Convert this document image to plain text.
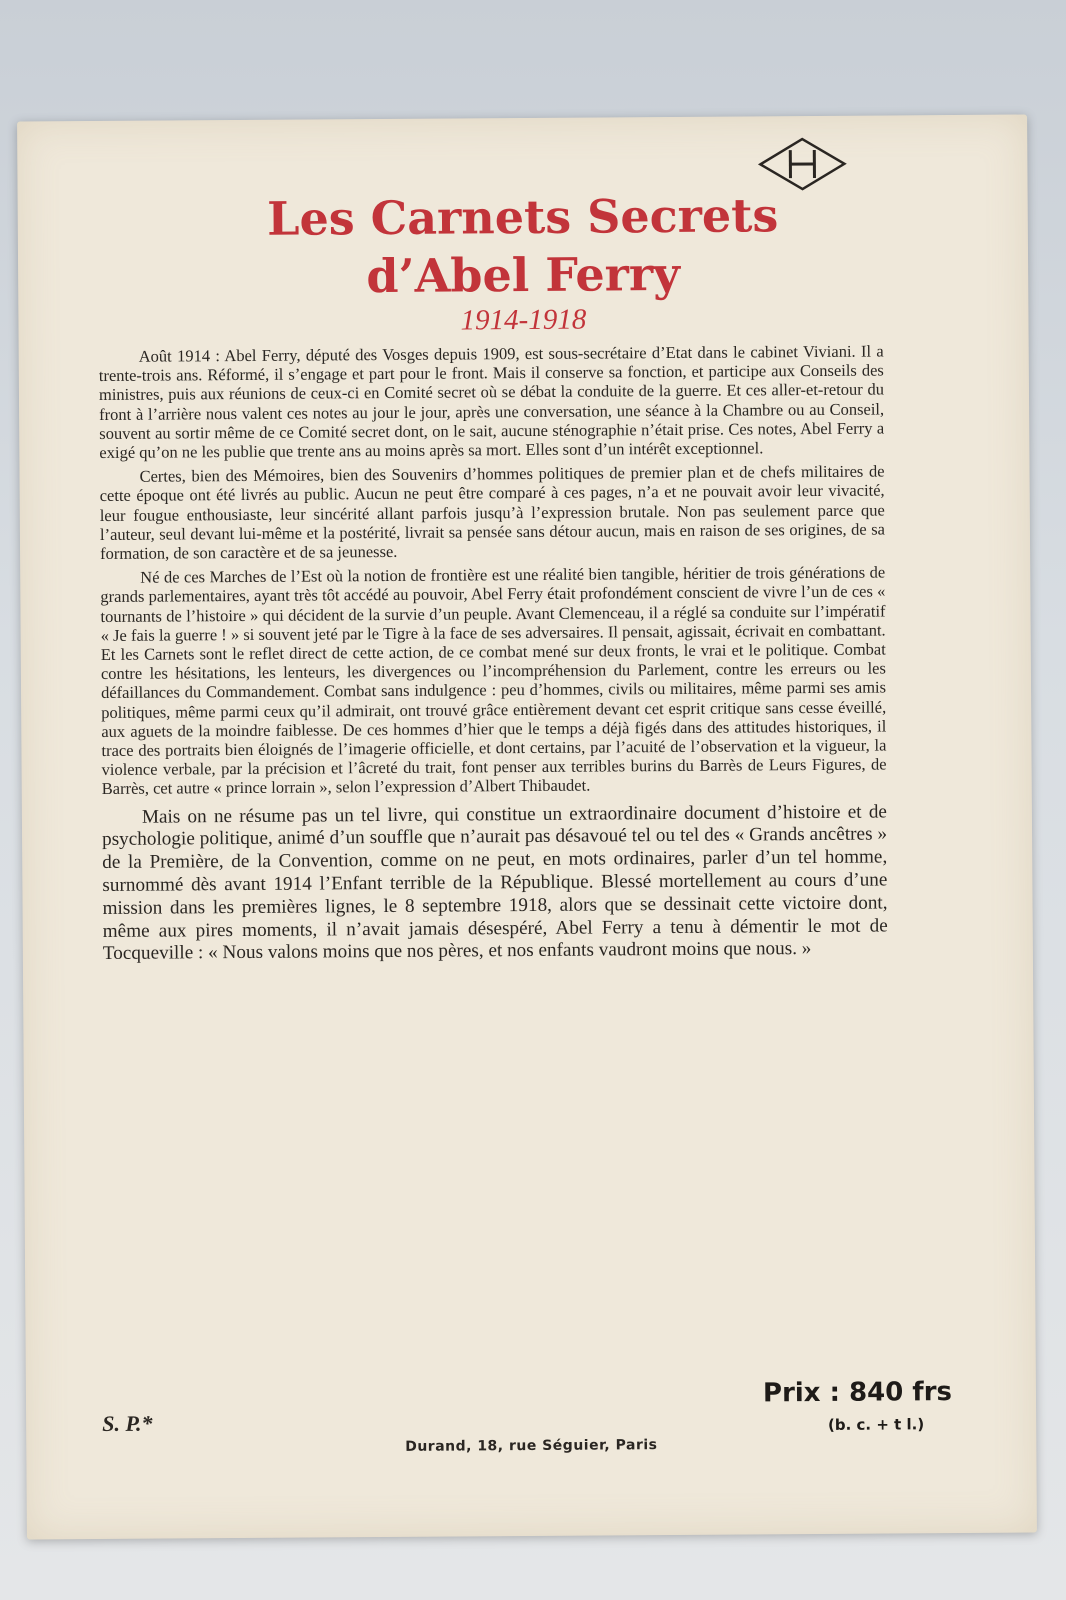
Les Carnets Secrets
d’Abel Ferry
1914-1918

Août 1914 : Abel Ferry, député des Vosges depuis 1909, est sous-secrétaire d’Etat dans le cabinet Viviani. Il a trente-trois ans. Réformé, il s’engage et part pour le front. Mais il conserve sa fonction, et participe aux Conseils des ministres, puis aux réunions de ceux-ci en Comité secret où se débat la conduite de la guerre. Et ces aller-et-retour du front à l’arrière nous valent ces notes au jour le jour, après une conversation, une séance à la Chambre ou au Conseil, souvent au sortir même de ce Comité secret dont, on le sait, aucune sténographie n’était prise. Ces notes, Abel Ferry a exigé qu’on ne les publie que trente ans au moins après sa mort. Elles sont d’un intérêt exceptionnel.

Certes, bien des Mémoires, bien des Souvenirs d’hommes politiques de premier plan et de chefs militaires de cette époque ont été livrés au public. Aucun ne peut être comparé à ces pages, n’a et ne pouvait avoir leur vivacité, leur fougue enthousiaste, leur sincérité allant parfois jusqu’à l’expression brutale. Non pas seulement parce que l’auteur, seul devant lui-même et la postérité, livrait sa pensée sans détour aucun, mais en raison de ses origines, de sa formation, de son caractère et de sa jeunesse.

Né de ces Marches de l’Est où la notion de frontière est une réalité bien tangible, héritier de trois générations de grands parlementaires, ayant très tôt accédé au pouvoir, Abel Ferry était profondément conscient de vivre l’un de ces « tournants de l’histoire » qui décident de la survie d’un peuple. Avant Clemenceau, il a réglé sa conduite sur l’impératif « Je fais la guerre ! » si souvent jeté par le Tigre à la face de ses adversaires. Il pensait, agissait, écrivait en combattant. Et les Carnets sont le reflet direct de cette action, de ce combat mené sur deux fronts, le vrai et le politique. Combat contre les hésitations, les lenteurs, les divergences ou l’incompréhension du Parlement, contre les erreurs ou les défaillances du Commandement. Combat sans indulgence : peu d’hommes, civils ou militaires, même parmi ses amis politiques, même parmi ceux qu’il admirait, ont trouvé grâce entièrement devant cet esprit critique sans cesse éveillé, aux aguets de la moindre faiblesse. De ces hommes d’hier que le temps a déjà figés dans des attitudes historiques, il trace des portraits bien éloignés de l’imagerie officielle, et dont certains, par l’acuité de l’observation et la vigueur, la violence verbale, par la précision et l’âcreté du trait, font penser aux terribles burins du Barrès de Leurs Figures, de Barrès, cet autre « prince lorrain », selon l’expression d’Albert Thibaudet.

Mais on ne résume pas un tel livre, qui constitue un extraordinaire document d’histoire et de psychologie politique, animé d’un souffle que n’aurait pas désavoué tel ou tel des « Grands ancêtres » de la Première, de la Convention, comme on ne peut, en mots ordinaires, parler d’un tel homme, surnommé dès avant 1914 l’Enfant terrible de la République. Blessé mortellement au cours d’une mission dans les premières lignes, le 8 septembre 1918, alors que se dessinait cette victoire dont, même aux pires moments, il n’avait jamais désespéré, Abel Ferry a tenu à démentir le mot de Tocqueville : « Nous valons moins que nos pères, et nos enfants vaudront moins que nous. »

Prix : 840 frs
(b. c. + t l.)
S. P.*
Durand, 18, rue Séguier, Paris
